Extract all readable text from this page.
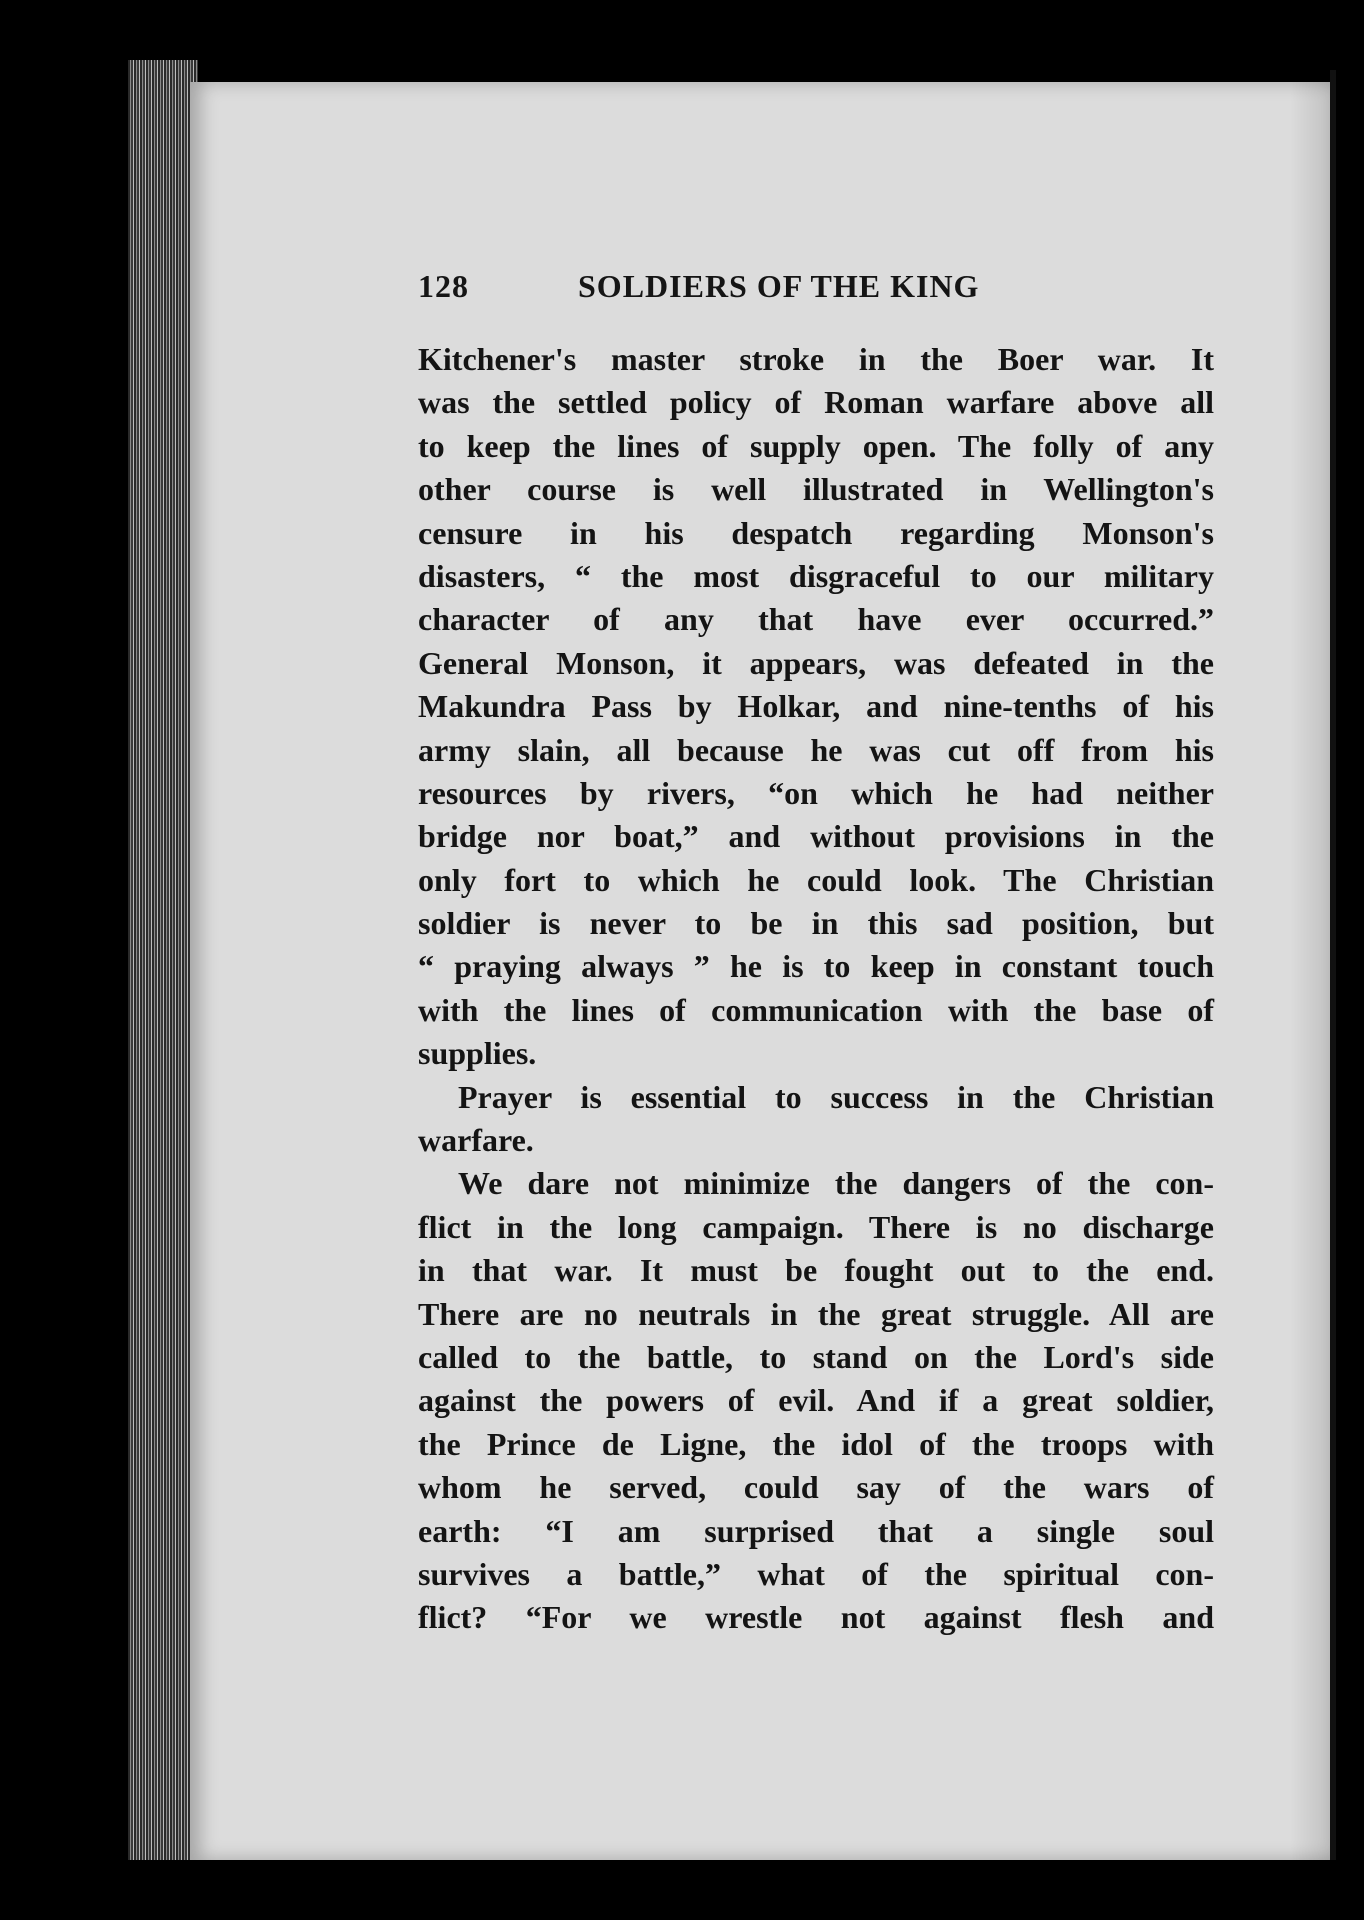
128	SOLDIERS OF THE KING
Kitchener's master stroke in the Boer war. It
was the settled policy of Roman warfare above all
to keep the lines of supply open. The folly of any
other course is well illustrated in Wellington's
censure in his despatch regarding Monson's
disasters, “ the most disgraceful to our military
character of any that have ever occurred.”
General Monson, it appears, was defeated in the
Makundra Pass by Holkar, and nine-tenths of his
army slain, all because he was cut off from his
resources by rivers, “on which he had neither
bridge nor boat,” and without provisions in the
only fort to which he could look. The Christian
soldier is never to be in this sad position, but
“ praying always ” he is to keep in constant touch
with the lines of communication with the base of
supplies.
Prayer is essential to success in the Christian
warfare.
We dare not minimize the dangers of the con-
flict in the long campaign. There is no discharge
in that war. It must be fought out to the end.
There are no neutrals in the great struggle. All are
called to the battle, to stand on the Lord's side
against the powers of evil. And if a great soldier,
the Prince de Ligne, the idol of the troops with
whom he served, could say of the wars of
earth: “I am surprised that a single soul
survives a battle,” what of the spiritual con-
flict? “For we wrestle not against flesh and
